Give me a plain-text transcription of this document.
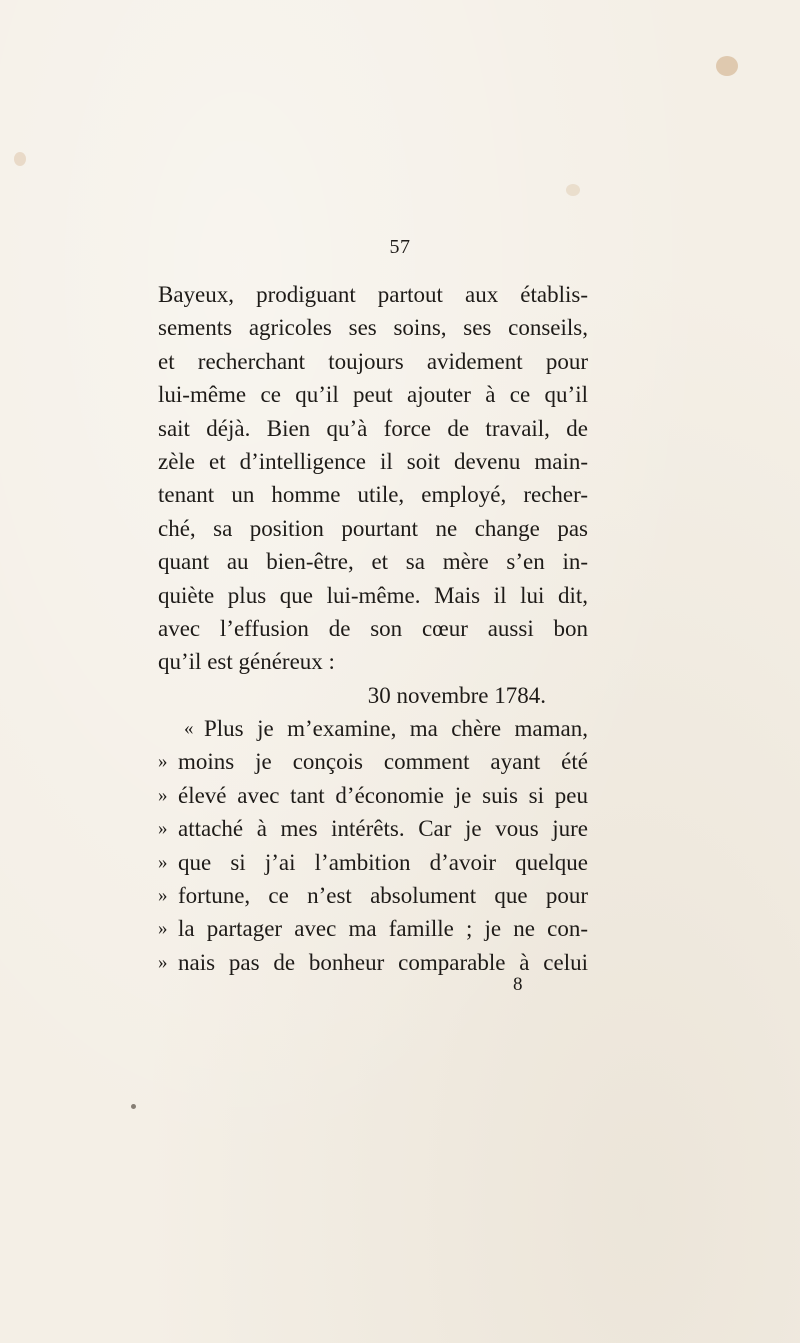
57
Bayeux, prodiguant partout aux établis-
sements agricoles ses soins, ses conseils,
et recherchant toujours avidement pour
lui-même ce qu’il peut ajouter à ce qu’il
sait déjà. Bien qu’à force de travail, de
zèle et d’intelligence il soit devenu main-
tenant un homme utile, employé, recher-
ché, sa position pourtant ne change pas
quant au bien-être, et sa mère s’en in-
quiète plus que lui-même. Mais il lui dit,
avec l’effusion de son cœur aussi bon
qu’il est généreux :
30 novembre 1784.
« Plus je m’examine, ma chère maman,
» moins je conçois comment ayant été
» élevé avec tant d’économie je suis si peu
» attaché à mes intérêts. Car je vous jure
» que si j’ai l’ambition d’avoir quelque
» fortune, ce n’est absolument que pour
» la partager avec ma famille ; je ne con-
» nais pas de bonheur comparable à celui
8
